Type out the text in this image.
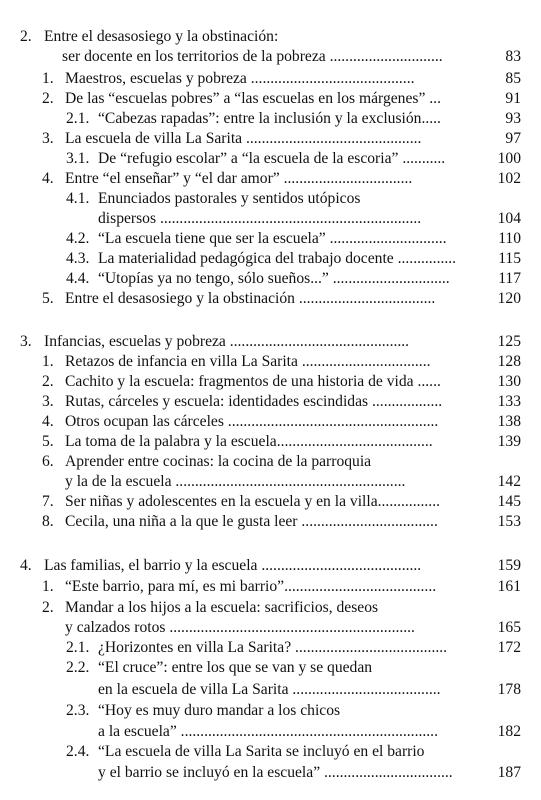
2. Entre el desasosiego y la obstinación:
ser docente en los territorios de la pobreza .............................	83
1. Maestros, escuelas y pobreza ..........................................	85
2. De las “escuelas pobres” a “las escuelas en los márgenes” ...	91
2.1. “Cabezas rapadas”: entre la inclusión y la exclusión.....	93
3. La escuela de villa La Sarita .............................................	97
3.1. De “refugio escolar” a “la escuela de la escoria” ...........	100
4. Entre “el enseñar” y “el dar amor” .................................	102
4.1. Enunciados pastorales y sentidos utópicos
dispersos ...................................................................	104
4.2. “La escuela tiene que ser la escuela” ..............................	110
4.3. La materialidad pedagógica del trabajo docente ...............	115
4.4. “Utopías ya no tengo, sólo sueños...” ..............................	117
5. Entre el desasosiego y la obstinación ...................................	120
3. Infancias, escuelas y pobreza ..............................................	125
1. Retazos de infancia en villa La Sarita .................................	128
2. Cachito y la escuela: fragmentos de una historia de vida ......	130
3. Rutas, cárceles y escuela: identidades escindidas ..................	133
4. Otros ocupan las cárceles ......................................................	138
5. La toma de la palabra y la escuela........................................	139
6. Aprender entre cocinas: la cocina de la parroquia
y la de la escuela ...........................................................	142
7. Ser niñas y adolescentes en la escuela y en la villa................	145
8. Cecila, una niña a la que le gusta leer ...................................	153
4. Las familias, el barrio y la escuela .........................................	159
1. “Este barrio, para mí, es mi barrio”.......................................	161
2. Mandar a los hijos a la escuela: sacrificios, deseos
y calzados rotos ...............................................................	165
2.1. ¿Horizontes en villa La Sarita? .......................................	172
2.2. “El cruce”: entre los que se van y se quedan
en la escuela de villa La Sarita ......................................	178
2.3. “Hoy es muy duro mandar a los chicos
a la escuela” ..................................................................	182
2.4. “La escuela de villa La Sarita se incluyó en el barrio
y el barrio se incluyó en la escuela” .................................	187
